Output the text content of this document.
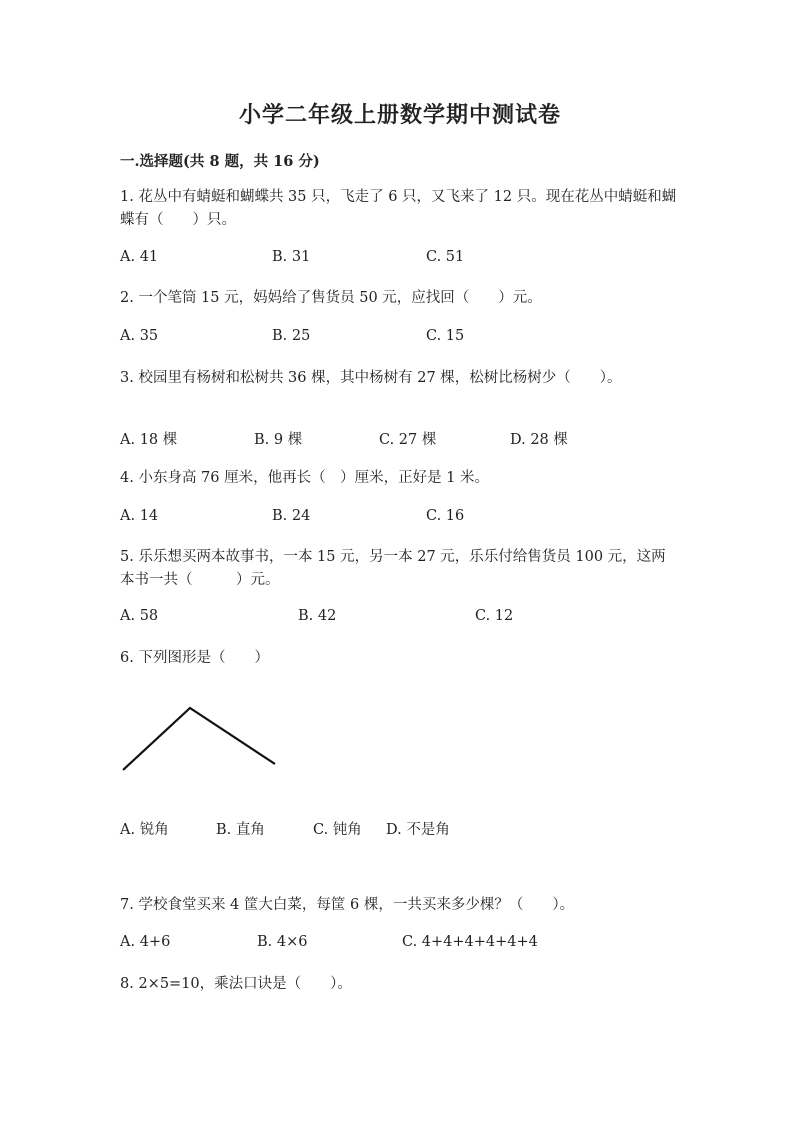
小学二年级上册数学期中测试卷
一.选择题(共 8 题，共 16 分)
1. 花丛中有蜻蜓和蝴蝶共 35 只，飞走了 6 只，又飞来了 12 只。现在花丛中蜻蜓和蝴蝶有（　　）只。
A. 41	B. 31	C. 51
2. 一个笔筒 15 元，妈妈给了售货员 50 元，应找回（　　）元。
A. 35	B. 25	C. 15
3. 校园里有杨树和松树共 36 棵，其中杨树有 27 棵，松树比杨树少（　　）。
A. 18 棵	B. 9 棵	C. 27 棵	D. 28 棵
4. 小东身高 76 厘米，他再长（　）厘米，正好是 1 米。
A. 14	B. 24	C. 16
5. 乐乐想买两本故事书，一本 15 元，另一本 27 元，乐乐付给售货员 100 元，这两本书一共（　　　）元。
A. 58	B. 42	C. 12
6. 下列图形是（　　）
A. 锐角	B. 直角	C. 钝角 D. 不是角
7. 学校食堂买来 4 筐大白菜，每筐 6 棵，一共买来多少棵？（　　）。
A. 4+6	B. 4×6	C. 4+4+4+4+4+4
8. 2×5=10，乘法口诀是（　　）。
